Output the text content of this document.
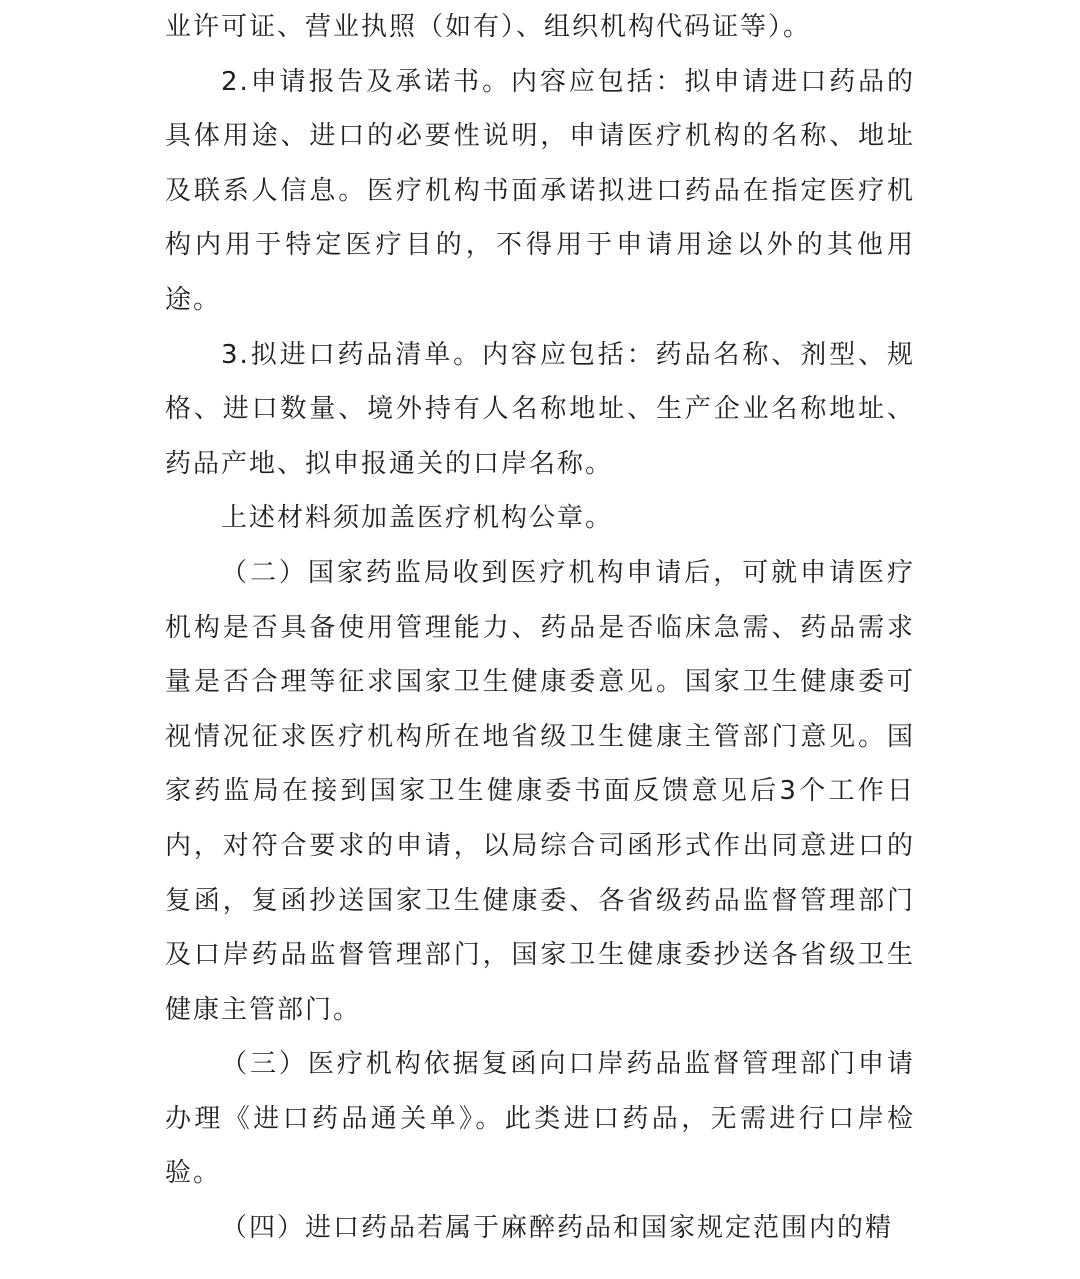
业许可证、营业执照（如有）、组织机构代码证等）。

2.申请报告及承诺书。内容应包括：拟申请进口药品的具体用途、进口的必要性说明，申请医疗机构的名称、地址及联系人信息。医疗机构书面承诺拟进口药品在指定医疗机构内用于特定医疗目的，不得用于申请用途以外的其他用途。

3.拟进口药品清单。内容应包括：药品名称、剂型、规格、进口数量、境外持有人名称地址、生产企业名称地址、药品产地、拟申报通关的口岸名称。

上述材料须加盖医疗机构公章。

（二）国家药监局收到医疗机构申请后，可就申请医疗机构是否具备使用管理能力、药品是否临床急需、药品需求量是否合理等征求国家卫生健康委意见。国家卫生健康委可视情况征求医疗机构所在地省级卫生健康主管部门意见。国家药监局在接到国家卫生健康委书面反馈意见后3个工作日内，对符合要求的申请，以局综合司函形式作出同意进口的复函，复函抄送国家卫生健康委、各省级药品监督管理部门及口岸药品监督管理部门，国家卫生健康委抄送各省级卫生健康主管部门。

（三）医疗机构依据复函向口岸药品监督管理部门申请办理《进口药品通关单》。此类进口药品，无需进行口岸检验。

（四）进口药品若属于麻醉药品和国家规定范围内的精
